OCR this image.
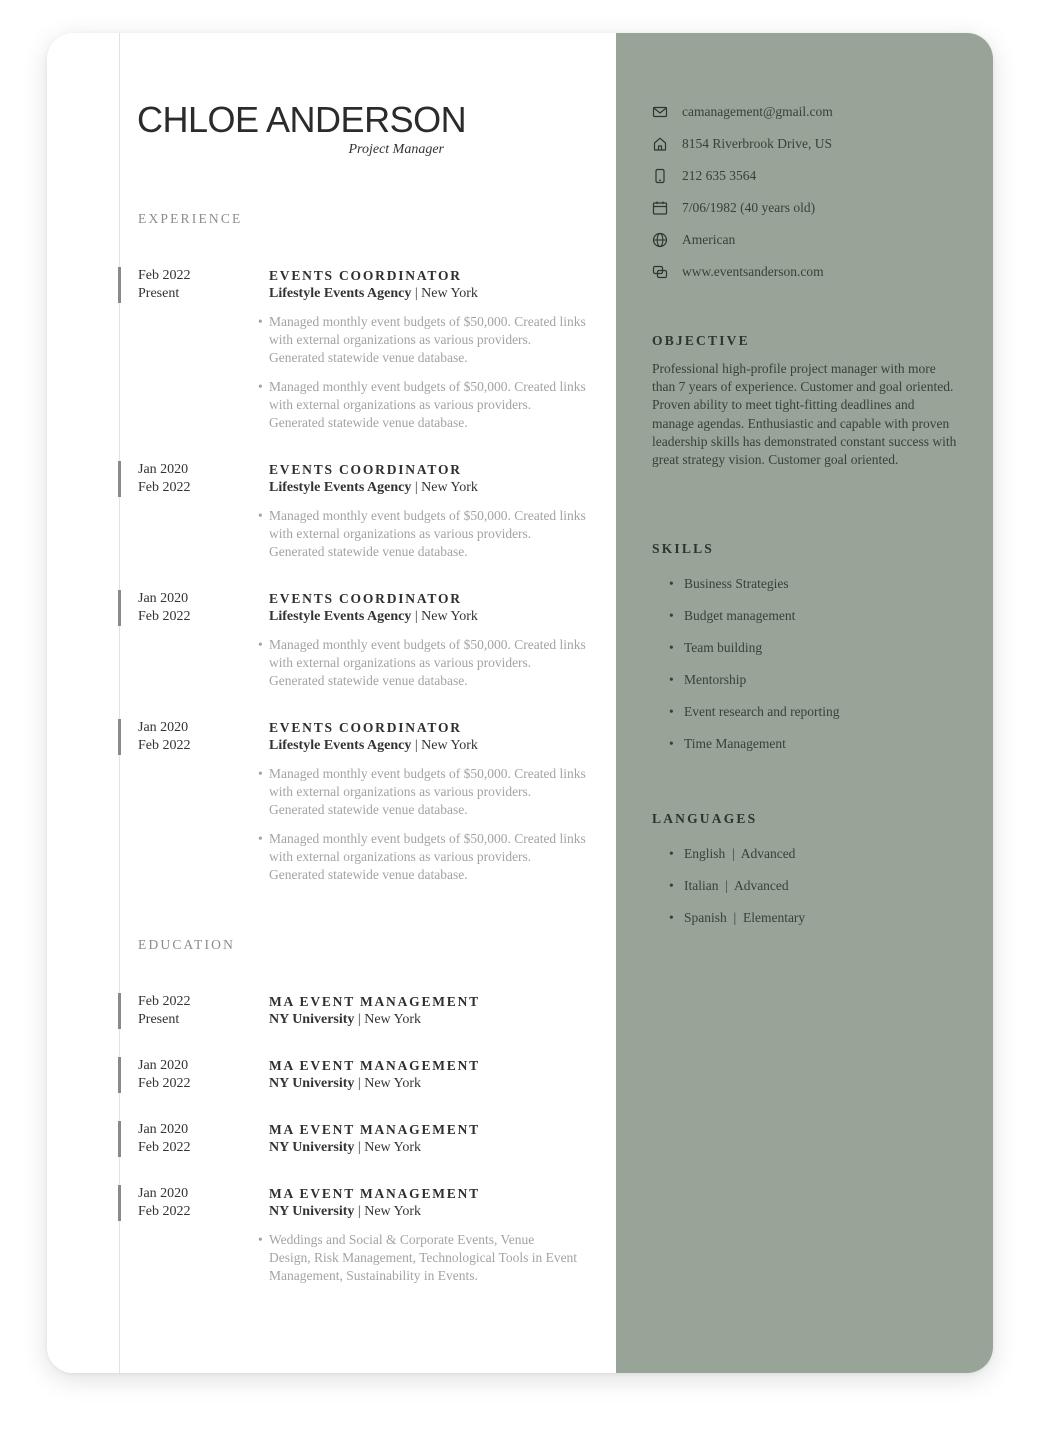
CHLOE ANDERSON
Project Manager
EXPERIENCE
Feb 2022
Present
EVENTS COORDINATOR
Lifestyle Events Agency | New York
• Managed monthly event budgets of $50,000. Created links with external organizations as various providers. Generated statewide venue database.
• Managed monthly event budgets of $50,000. Created links with external organizations as various providers. Generated statewide venue database.
Jan 2020
Feb 2022
EVENTS COORDINATOR
Lifestyle Events Agency | New York
• Managed monthly event budgets of $50,000. Created links with external organizations as various providers. Generated statewide venue database.
Jan 2020
Feb 2022
EVENTS COORDINATOR
Lifestyle Events Agency | New York
• Managed monthly event budgets of $50,000. Created links with external organizations as various providers. Generated statewide venue database.
Jan 2020
Feb 2022
EVENTS COORDINATOR
Lifestyle Events Agency | New York
• Managed monthly event budgets of $50,000. Created links with external organizations as various providers. Generated statewide venue database.
• Managed monthly event budgets of $50,000. Created links with external organizations as various providers. Generated statewide venue database.
EDUCATION
Feb 2022
Present
MA EVENT MANAGEMENT
NY University | New York
Jan 2020
Feb 2022
MA EVENT MANAGEMENT
NY University | New York
Jan 2020
Feb 2022
MA EVENT MANAGEMENT
NY University | New York
Jan 2020
Feb 2022
MA EVENT MANAGEMENT
NY University | New York
• Weddings and Social & Corporate Events, Venue Design, Risk Management, Technological Tools in Event Management, Sustainability in Events.
camanagement@gmail.com
8154 Riverbrook Drive, US
212 635 3564
7/06/1982 (40 years old)
American
www.eventsanderson.com
OBJECTIVE
Professional high-profile project manager with more than 7 years of experience. Customer and goal oriented. Proven ability to meet tight-fitting deadlines and manage agendas. Enthusiastic and capable with proven leadership skills has demonstrated constant success with great strategy vision. Customer goal oriented.
SKILLS
• Business Strategies
• Budget management
• Team building
• Mentorship
• Event research and reporting
• Time Management
LANGUAGES
• English  |  Advanced
• Italian  |  Advanced
• Spanish  |  Elementary
